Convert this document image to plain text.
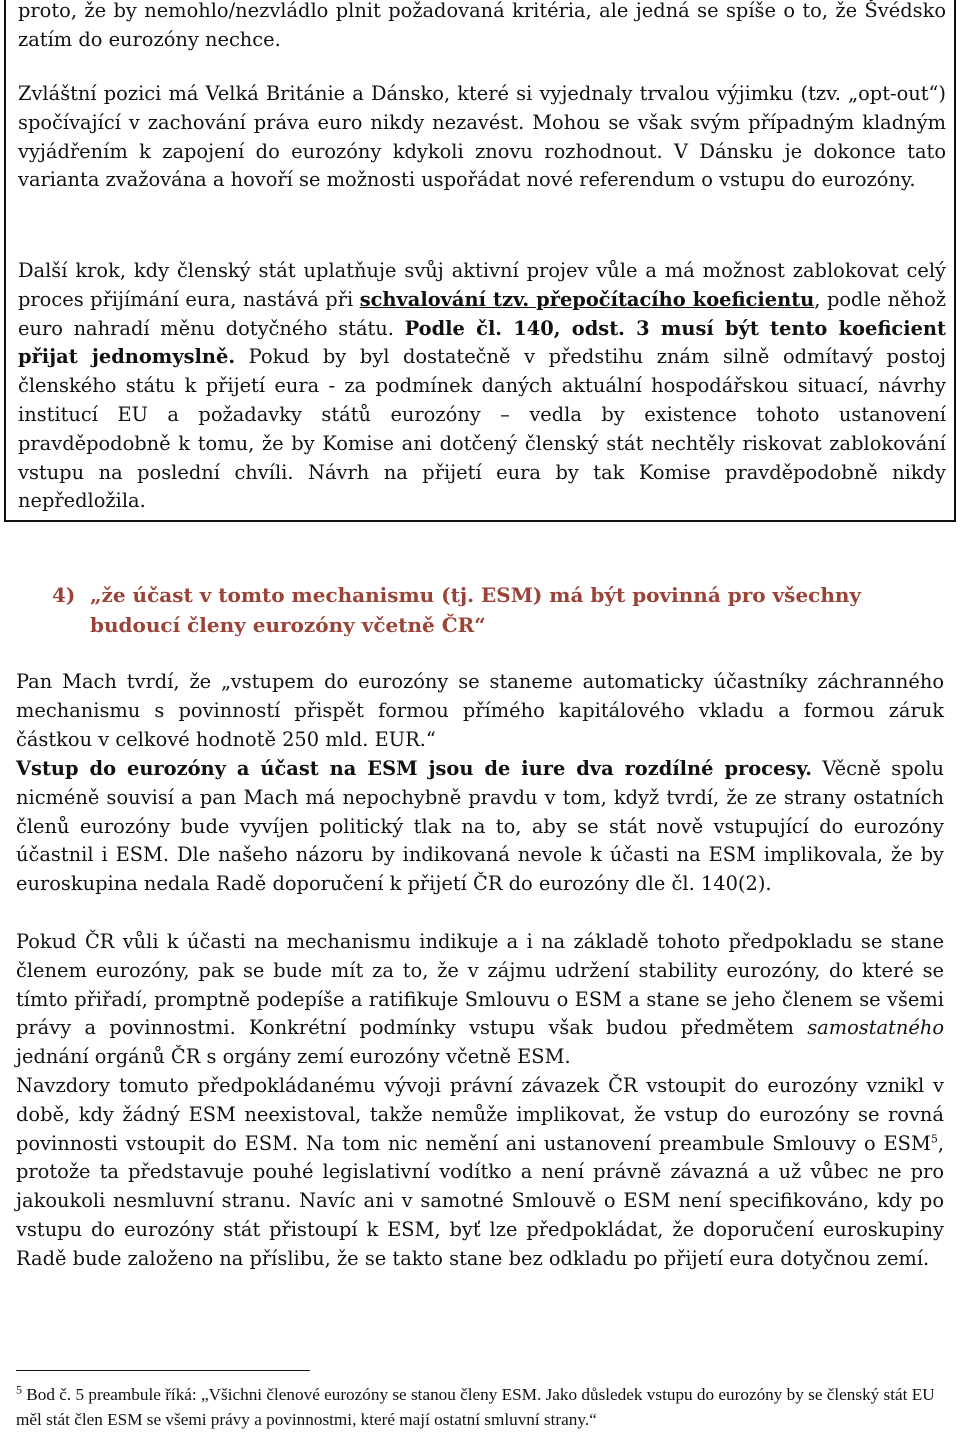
proto, že by nemohlo/nezvládlo plnit požadovaná kritéria, ale jedná se spíše o to, že Švédsko zatím do eurozóny nechce.

Zvláštní pozici má Velká Británie a Dánsko, které si vyjednaly trvalou výjimku (tzv. „opt-out“) spočívající v zachování práva euro nikdy nezavést. Mohou se však svým případným kladným vyjádřením k zapojení do eurozóny kdykoli znovu rozhodnout. V Dánsku je dokonce tato varianta zvažována a hovoří se možnosti uspořádat nové referendum o vstupu do eurozóny.

Další krok, kdy členský stát uplatňuje svůj aktivní projev vůle a má možnost zablokovat celý proces přijímání eura, nastává při schvalování tzv. přepočítacího koeficientu, podle něhož euro nahradí měnu dotyčného státu. Podle čl. 140, odst. 3 musí být tento koeficient přijat jednomyslně. Pokud by byl dostatečně v předstihu znám silně odmítavý postoj členského státu k přijetí eura - za podmínek daných aktuální hospodářskou situací, návrhy institucí EU a požadavky států eurozóny – vedla by existence tohoto ustanovení pravděpodobně k tomu, že by Komise ani dotčený členský stát nechtěly riskovat zablokování vstupu na poslední chvíli. Návrh na přijetí eura by tak Komise pravděpodobně nikdy nepředložila.

4) „že účast v tomto mechanismu (tj. ESM) má být povinná pro všechny
budoucí členy eurozóny včetně ČR“

Pan Mach tvrdí, že „vstupem do eurozóny se staneme automaticky účastníky záchranného mechanismu s povinností přispět formou přímého kapitálového vkladu a formou záruk částkou v celkové hodnotě 250 mld. EUR.“

Vstup do eurozóny a účast na ESM jsou de iure dva rozdílné procesy. Věcně spolu nicméně souvisí a pan Mach má nepochybně pravdu v tom, když tvrdí, že ze strany ostatních členů eurozóny bude vyvíjen politický tlak na to, aby se stát nově vstupující do eurozóny účastnil i ESM. Dle našeho názoru by indikovaná nevole k účasti na ESM implikovala, že by euroskupina nedala Radě doporučení k přijetí ČR do eurozóny dle čl. 140(2).

Pokud ČR vůli k účasti na mechanismu indikuje a i na základě tohoto předpokladu se stane členem eurozóny, pak se bude mít za to, že v zájmu udržení stability eurozóny, do které se tímto přiřadí, promptně podepíše a ratifikuje Smlouvu o ESM a stane se jeho členem se všemi právy a povinnostmi. Konkrétní podmínky vstupu však budou předmětem samostatného jednání orgánů ČR s orgány zemí eurozóny včetně ESM.

Navzdory tomuto předpokládanému vývoji právní závazek ČR vstoupit do eurozóny vznikl v době, kdy žádný ESM neexistoval, takže nemůže implikovat, že vstup do eurozóny se rovná povinnosti vstoupit do ESM. Na tom nic nemění ani ustanovení preambule Smlouvy o ESM$^5$, protože ta představuje pouhé legislativní vodítko a není právně závazná a už vůbec ne pro jakoukoli nesmluvní stranu. Navíc ani v samotné Smlouvě o ESM není specifikováno, kdy po vstupu do eurozóny stát přistoupí k ESM, byť lze předpokládat, že doporučení euroskupiny Radě bude založeno na příslibu, že se takto stane bez odkladu po přijetí eura dotyčnou zemí.

$^5$ Bod č. 5 preambule říká: „Všichni členové eurozóny se stanou členy ESM. Jako důsledek vstupu do eurozóny by se členský stát EU měl stát člen ESM se všemi právy a povinnostmi, které mají ostatní smluvní strany.“
